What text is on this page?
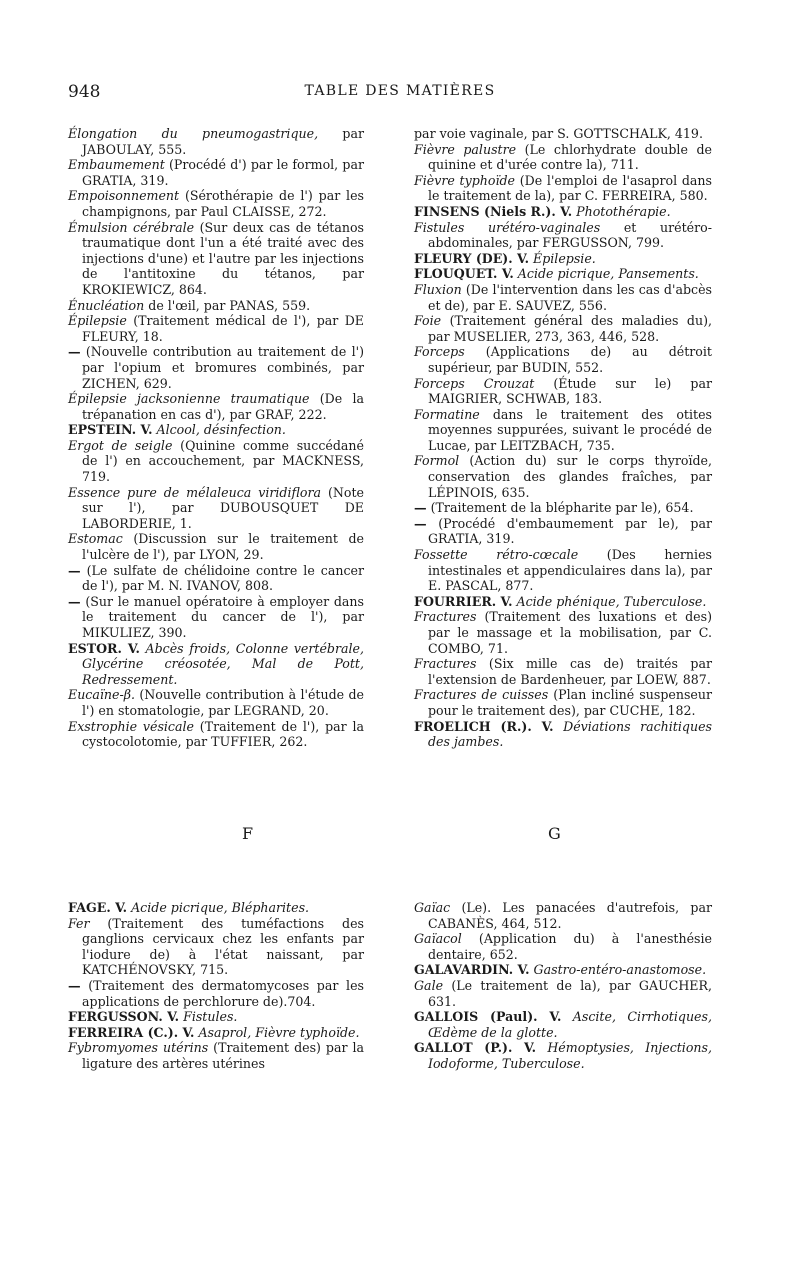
948	TABLE DES MATIÈRES

Élongation du pneumogastrique, par JABOULAY, 555.

Embaumement (Procédé d') par le formol, par GRATIA, 319.

Empoisonnement (Sérothérapie de l') par les champignons, par Paul CLAISSE, 272.

Émulsion cérébrale (Sur deux cas de tétanos traumatique dont l'un a été traité avec des injections d'une) et l'autre par les injections de l'antitoxine du tétanos, par KROKIEWICZ, 864.

Énucléation de l'œil, par PANAS, 559.

Épilepsie (Traitement médical de l'), par DE FLEURY, 18.

— (Nouvelle contribution au traitement de l') par l'opium et bromures combinés, par ZICHEN, 629.

Épilepsie jacksonienne traumatique (De la trépanation en cas d'), par GRAF, 222.

EPSTEIN. V. Alcool, désinfection.

Ergot de seigle (Quinine comme succédané de l') en accouchement, par MACKNESS, 719.

Essence pure de mélaleuca viridiflora (Note sur l'), par DUBOUSQUET DE LABORDERIE, 1.

Estomac (Discussion sur le traitement de l'ulcère de l'), par LYON, 29.

— (Le sulfate de chélidoine contre le cancer de l'), par M. N. IVANOV, 808.

— (Sur le manuel opératoire à employer dans le traitement du cancer de l'), par MIKULIEZ, 390.

ESTOR. V. Abcès froids, Colonne vertébrale, Glycérine créosotée, Mal de Pott, Redressement.

Eucaïne-β. (Nouvelle contribution à l'étude de l') en stomatologie, par LEGRAND, 20.

Exstrophie vésicale (Traitement de l'), par la cystocolotomie, par TUFFIER, 262.

par voie vaginale, par S. GOTTSCHALK, 419.

Fièvre palustre (Le chlorhydrate double de quinine et d'urée contre la), 711.

Fièvre typhoïde (De l'emploi de l'asaprol dans le traitement de la), par C. FERREIRA, 580.

FINSENS (Niels R.). V. Photothérapie.

Fistules urétéro-vaginales et urétéro-abdominales, par FERGUSSON, 799.

FLEURY (DE). V. Épilepsie.

FLOUQUET. V. Acide picrique, Pansements.

Fluxion (De l'intervention dans les cas d'abcès et de), par E. SAUVEZ, 556.

Foie (Traitement général des maladies du), par MUSELIER, 273, 363, 446, 528.

Forceps (Applications de) au détroit supérieur, par BUDIN, 552.

Forceps Crouzat (Étude sur le) par MAIGRIER, SCHWAB, 183.

Formatine dans le traitement des otites moyennes suppurées, suivant le procédé de Lucae, par LEITZBACH, 735.

Formol (Action du) sur le corps thyroïde, conservation des glandes fraîches, par LÉPINOIS, 635.

— (Traitement de la blépharite par le), 654.

— (Procédé d'embaumement par le), par GRATIA, 319.

Fossette rétro-cœcale (Des hernies intestinales et appendiculaires dans la), par E. PASCAL, 877.

FOURRIER. V. Acide phénique, Tuberculose.

Fractures (Traitement des luxations et des) par le massage et la mobilisation, par C. COMBO, 71.

Fractures (Six mille cas de) traités par l'extension de Bardenheuer, par LOEW, 887.

Fractures de cuisses (Plan incliné suspenseur pour le traitement des), par CUCHE, 182.

FROELICH (R.). V. Déviations rachitiques des jambes.

F	G

FAGE. V. Acide picrique, Blépharites.

Fer (Traitement des tuméfactions des ganglions cervicaux chez les enfants par l'iodure de) à l'état naissant, par KATCHÉNOVSKY, 715.

— (Traitement des dermatomycoses par les applications de perchlorure de).704.

FERGUSSON. V. Fistules.

FERREIRA (C.). V. Asaprol, Fièvre typhoïde.

Fybromyomes utérins (Traitement des) par la ligature des artères utérines

Gaïac (Le). Les panacées d'autrefois, par CABANÈS, 464, 512.

Gaïacol (Application du) à l'anesthésie dentaire, 652.

GALAVARDIN. V. Gastro-entéro-anastomose.

Gale (Le traitement de la), par GAUCHER, 631.

GALLOIS (Paul). V. Ascite, Cirrhotiques, Œdème de la glotte.

GALLOT (P.). V. Hémoptysies, Injections, Iodoforme, Tuberculose.
